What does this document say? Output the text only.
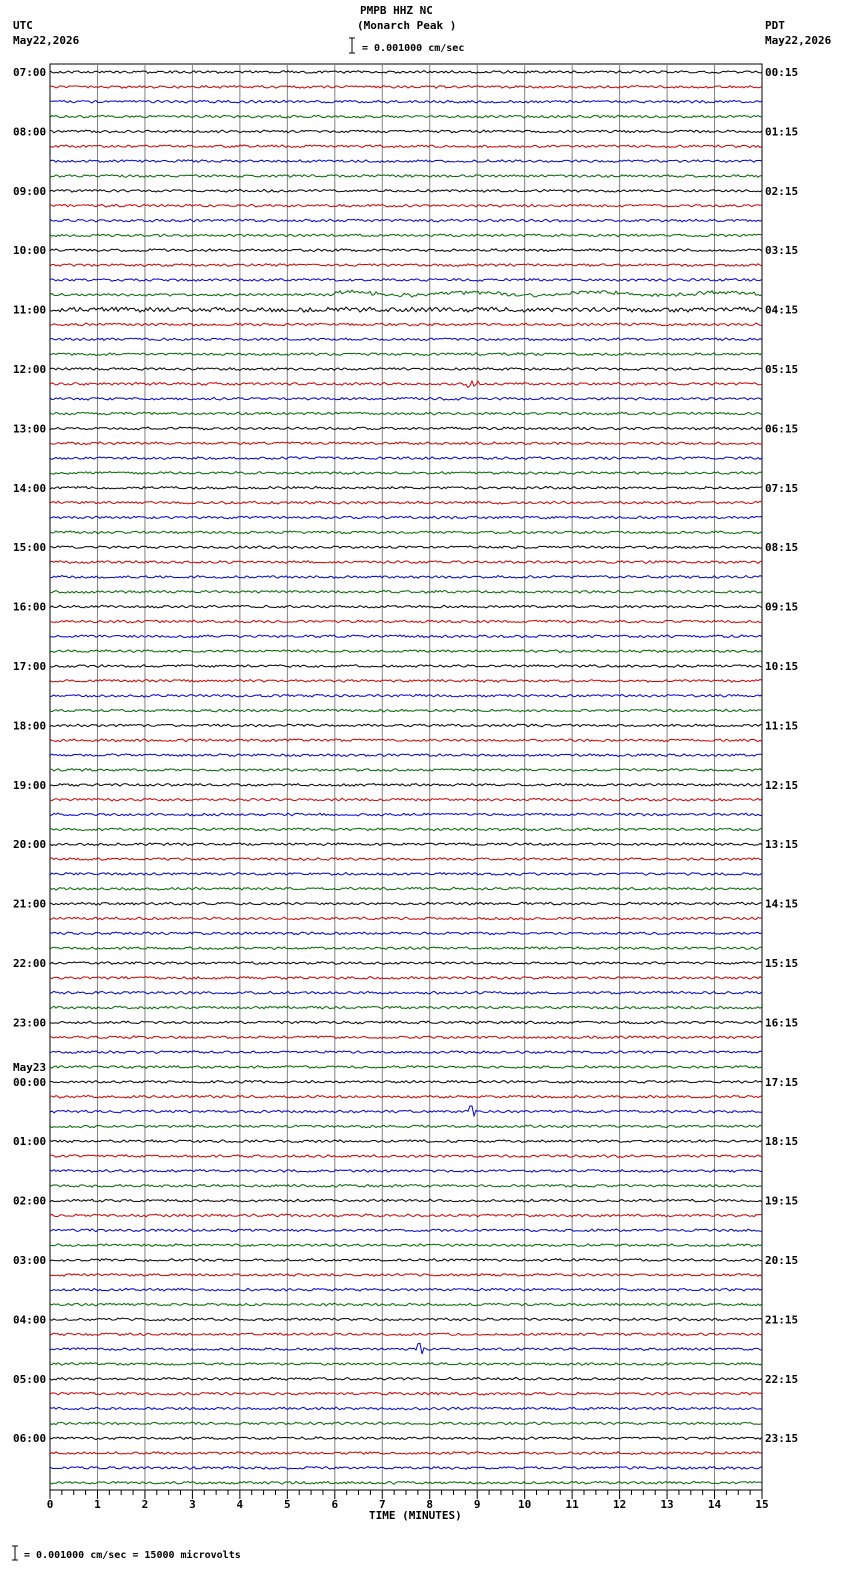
07:00	00:15
08:00	01:15
09:00	02:15
10:00	03:15
11:00	04:15
12:00	05:15
13:00	06:15
14:00	07:15
15:00	08:15
16:00	09:15
17:00	10:15
18:00	11:15
19:00	12:15
20:00	13:15
21:00	14:15
22:00	15:15
23:00	16:15
00:00	17:15
01:00	18:15
02:00	19:15
03:00	20:15
04:00	21:15
05:00	22:15
06:00	23:15
May23
0	1	2	3	4	5	6	7	8	9	10	11	12	13	14	15
PMPB HHZ NC
(Monarch Peak )
UTC
May22,2026
PDT
May22,2026
= 0.001000 cm/sec
TIME (MINUTES)
= 0.001000 cm/sec = 15000 microvolts
